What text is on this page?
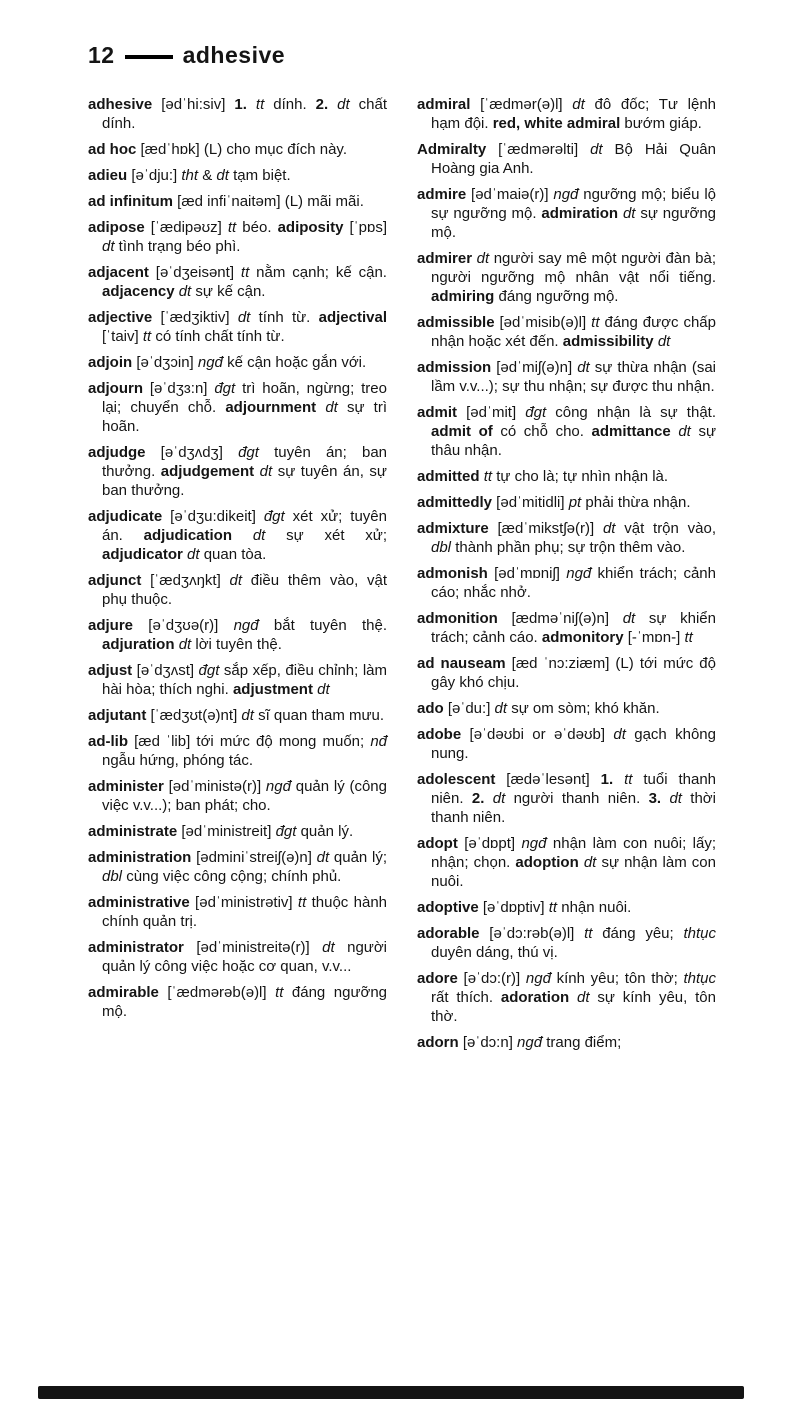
12	adhesive

adhesive [ədˈhi:siv] 1. tt dính. 2. dt chất dính.

ad hoc [ædˈhɒk] (L) cho mục đích này.

adieu [əˈdju:] tht & dt tạm biệt.

ad infinitum [æd infiˈnaitəm] (L) mãi mãi.

adipose [ˈædipəʊz] tt béo. adiposity [ˈpɒs] dt tình trạng béo phì.

adjacent [əˈdʒeisənt] tt nằm cạnh; kế cận. adjacency dt sự kế cận.

adjective [ˈædʒiktiv] dt tính từ. adjectival [ˈtaiv] tt có tính chất tính từ.

adjoin [əˈdʒɔin] ngđ kế cận hoặc gắn với.

adjourn [əˈdʒɜ:n] đgt trì hoãn, ngừng; treo lại; chuyển chỗ. adjournment dt sự trì hoãn.

adjudge [əˈdʒʌdʒ] đgt tuyên án; ban thưởng. adjudgement dt sự tuyên án, sự ban thưởng.

adjudicate [əˈdʒu:dikeit] đgt xét xử; tuyên án. adjudication dt sự xét xử; adjudicator dt quan tòa.

adjunct [ˈædʒʌŋkt] dt điều thêm vào, vật phụ thuộc.

adjure [əˈdʒʊə(r)] ngđ bắt tuyên thệ. adjuration dt lời tuyên thệ.

adjust [əˈdʒʌst] đgt sắp xếp, điều chỉnh; làm hài hòa; thích nghi. adjustment dt

adjutant [ˈædʒʊt(ə)nt] dt sĩ quan tham mưu.

ad-lib [æd ˈlib] tới mức độ mong muốn; nđ ngẫu hứng, phóng tác.

administer [ədˈministə(r)] ngđ quản lý (công việc v.v...); ban phát; cho.

administrate [ədˈministreit] đgt quản lý.

administration [ədminiˈstreiʃ(ə)n] dt quản lý; dbl cùng việc công cộng; chính phủ.

administrative [ədˈministrətiv] tt thuộc hành chính quản trị.

administrator [ədˈministreitə(r)] dt người quản lý công việc hoặc cơ quan, v.v...

admirable [ˈædmərəb(ə)l] tt đáng ngưỡng mộ.

admiral [ˈædmər(ə)l] dt đô đốc; Tư lệnh hạm đội. red, white admiral bướm giáp.

Admiralty [ˈædmərəlti] dt Bộ Hải Quân Hoàng gia Anh.

admire [ədˈmaiə(r)] ngđ ngưỡng mộ; biểu lộ sự ngưỡng mộ. admiration dt sự ngưỡng mộ.

admirer dt người say mê một người đàn bà; người ngưỡng mộ nhân vật nổi tiếng. admiring đáng ngưỡng mộ.

admissible [ədˈmisib(ə)l] tt đáng được chấp nhận hoặc xét đến. admissibility dt

admission [ədˈmiʃ(ə)n] dt sự thừa nhận (sai lầm v.v...); sự thu nhận; sự được thu nhận.

admit [ədˈmit] đgt công nhận là sự thật. admit of có chỗ cho. admittance dt sự thâu nhận.

admitted tt tự cho là; tự nhìn nhận là.

admittedly [ədˈmitidli] pt phải thừa nhận.

admixture [ædˈmikstʃə(r)] dt vật trộn vào, dbl thành phần phụ; sự trộn thêm vào.

admonish [ədˈmɒniʃ] ngđ khiển trách; cảnh cáo; nhắc nhở.

admonition [ædməˈniʃ(ə)n] dt sự khiển trách; cảnh cáo. admonitory [-ˈmɒn-] tt

ad nauseam [æd ˈnɔ:ziæm] (L) tới mức độ gây khó chịu.

ado [əˈdu:] dt sự om sòm; khó khăn.

adobe [əˈdəʊbi or əˈdəʊb] dt gạch không nung.

adolescent [ædəˈlesənt] 1. tt tuổi thanh niên. 2. dt người thanh niên. 3. dt thời thanh niên.

adopt [əˈdɒpt] ngđ nhận làm con nuôi; lấy; nhận; chọn. adoption dt sự nhận làm con nuôi.

adoptive [əˈdɒptiv] tt nhận nuôi.

adorable [əˈdɔ:rəb(ə)l] tt đáng yêu; thtục duyên dáng, thú vị.

adore [əˈdɔ:(r)] ngđ kính yêu; tôn thờ; thtục rất thích. adoration dt sự kính yêu, tôn thờ.

adorn [əˈdɔ:n] ngđ trang điểm;
